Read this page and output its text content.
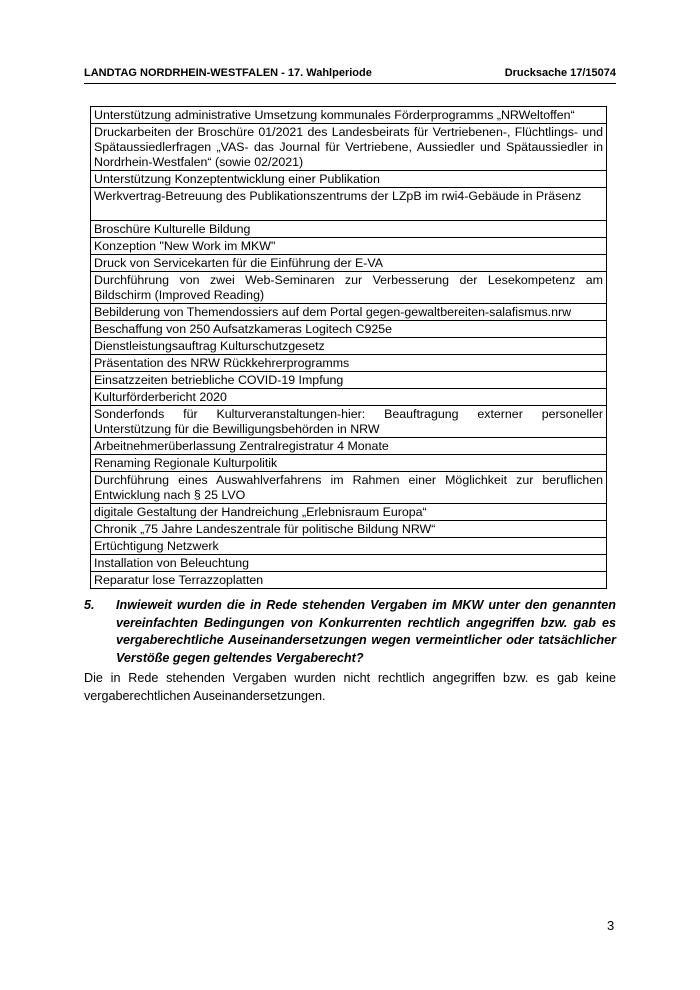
LANDTAG NORDRHEIN-WESTFALEN - 17. Wahlperiode	Drucksache 17/15074
Unterstützung administrative Umsetzung kommunales Förderprogramms „NRWeltoffen“
Druckarbeiten der Broschüre 01/2021 des Landesbeirats für Vertriebenen-, Flüchtlings- und Spätaussiedlerfragen „VAS- das Journal für Vertriebene, Aussiedler und Spätaussiedler in Nordrhein-Westfalen“ (sowie 02/2021)
Unterstützung Konzeptentwicklung einer Publikation
Werkvertrag-Betreuung des Publikationszentrums der LZpB im rwi4-Gebäude in Präsenz
Broschüre Kulturelle Bildung
Konzeption "New Work im MKW"
Druck von Servicekarten für die Einführung der E-VA
Durchführung von zwei Web-Seminaren zur Verbesserung der Lesekompetenz am Bildschirm (Improved Reading)
Bebilderung von Themendossiers auf dem Portal gegen-gewaltbereiten-salafismus.nrw
Beschaffung von 250 Aufsatzkameras Logitech C925e
Dienstleistungsauftrag Kulturschutzgesetz
Präsentation des NRW Rückkehrerprogramms
Einsatzzeiten betriebliche COVID-19 Impfung
Kulturförderbericht 2020
Sonderfonds für Kulturveranstaltungen-hier: Beauftragung externer personeller Unterstützung für die Bewilligungsbehörden in NRW
Arbeitnehmerüberlassung Zentralregistratur 4 Monate
Renaming Regionale Kulturpolitik
Durchführung eines Auswahlverfahrens im Rahmen einer Möglichkeit zur beruflichen Entwicklung nach § 25 LVO
digitale Gestaltung der Handreichung „Erlebnisraum Europa“
Chronik „75 Jahre Landeszentrale für politische Bildung NRW“
Ertüchtigung Netzwerk
Installation von Beleuchtung
Reparatur lose Terrazzoplatten
5.	Inwieweit wurden die in Rede stehenden Vergaben im MKW unter den genannten vereinfachten Bedingungen von Konkurrenten rechtlich angegriffen bzw. gab es vergaberechtliche Auseinandersetzungen wegen vermeintlicher oder tatsächlicher Verstöße gegen geltendes Vergaberecht?
Die in Rede stehenden Vergaben wurden nicht rechtlich angegriffen bzw. es gab keine vergaberechtlichen Auseinandersetzungen.
3
